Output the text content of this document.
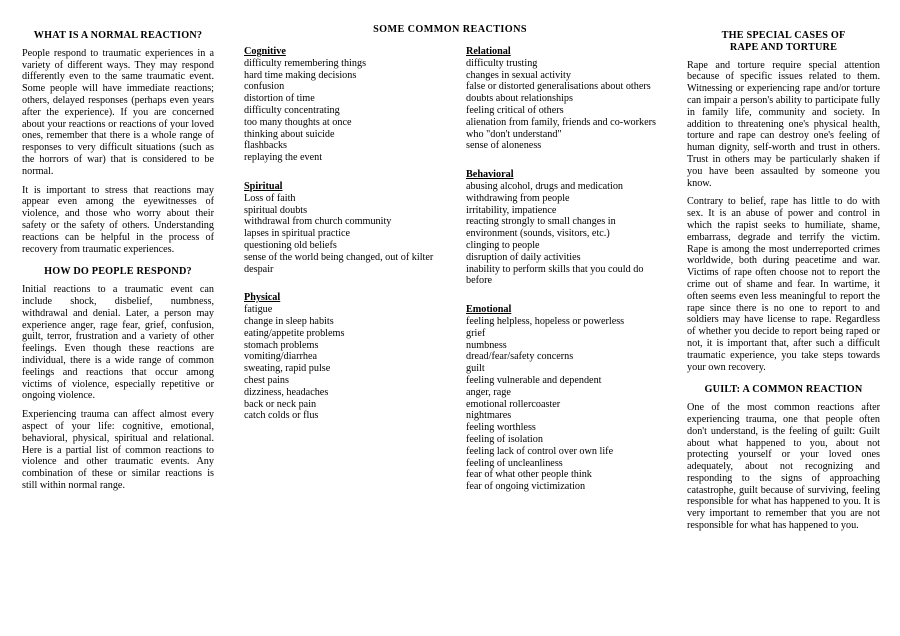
WHAT IS A NORMAL REACTION?

People respond to traumatic experiences in a variety of different ways. They may respond differently even to the same traumatic event. Some people will have immediate reactions; others, delayed responses (perhaps even years after the experience). If you are concerned about your reactions or reactions of your loved ones, remember that there is a whole range of responses to very difficult situations (such as the horrors of war) that is considered to be normal.

It is important to stress that reactions may appear even among the eyewitnesses of violence, and those who worry about their safety or the safety of others. Understanding reactions can be helpful in the process of recovery from traumatic experiences.

HOW DO PEOPLE RESPOND?

Initial reactions to a traumatic event can include shock, disbelief, numbness, withdrawal and denial. Later, a person may experience anger, rage fear, grief, confusion, guilt, terror, frustration and a variety of other feelings. Even though these reactions are individual, there is a wide range of common feelings and reactions that occur among victims of violence, especially repetitive or ongoing violence.

Experiencing trauma can affect almost every aspect of your life: cognitive, emotional, behavioral, physical, spiritual and relational. Here is a partial list of common reactions to violence and other traumatic events. Any combination of these or similar reactions is still within normal range.

SOME COMMON REACTIONS
Cognitive
difficulty remembering things
hard time making decisions
confusion
distortion of time
difficulty concentrating
too many thoughts at once
thinking about suicide
flashbacks
replaying the event
Spiritual
Loss of faith
spiritual doubts
withdrawal from church community
lapses in spiritual practice
questioning old beliefs
sense of the world being changed, out of kilter
despair
Physical
fatigue
change in sleep habits
eating/appetite problems
stomach problems
vomiting/diarrhea
sweating, rapid pulse
chest pains
dizziness, headaches
back or neck pain
catch colds or flus
Relational
difficulty trusting
changes in sexual activity
false or distorted generalisations about others
doubts about relationships
feeling critical of others
alienation from family, friends and co-workers who "don't understand"
sense of aloneness
Behavioral
abusing alcohol, drugs and medication
withdrawing from people
irritability, impatience
reacting strongly to small changes in environment (sounds, visitors, etc.)
clinging to people
disruption of daily activities
inability to perform skills that you could do before
Emotional
feeling helpless, hopeless or powerless
grief
numbness
dread/fear/safety concerns
guilt
feeling vulnerable and dependent
anger, rage
emotional rollercoaster
nightmares
feeling worthless
feeling of isolation
feeling lack of control over own life
feeling of uncleanliness
fear of what other people think
fear of ongoing victimization
THE SPECIAL CASES OF RAPE AND TORTURE

Rape and torture require special attention because of specific issues related to them. Witnessing or experiencing rape and/or torture can impair a person's ability to participate fully in family life, community and society. In addition to threatening one's physical health, torture and rape can destroy one's feeling of human dignity, self-worth and trust in others. Trust in others may be particularly shaken if you have been assaulted by someone you know.

Contrary to belief, rape has little to do with sex. It is an abuse of power and control in which the rapist seeks to humiliate, shame, embarrass, degrade and terrify the victim. Rape is among the most underreported crimes worldwide, both during peacetime and war. Victims of rape often choose not to report the crime out of shame and fear. In wartime, it often seems even less meaningful to report the rape since there is no one to report to and soldiers may have license to rape. Regardless of whether you decide to report being raped or not, it is important that, after such a difficult traumatic experience, you take steps towards your own recovery.

GUILT: A COMMON REACTION

One of the most common reactions after experiencing trauma, one that people often don't understand, is the feeling of guilt: Guilt about what happened to you, about not protecting yourself or your loved ones adequately, about not recognizing and responding to the signs of approaching catastrophe, guilt because of surviving, feeling responsible for what has happened to you. It is very important to remember that you are not responsible for what has happened to you.
